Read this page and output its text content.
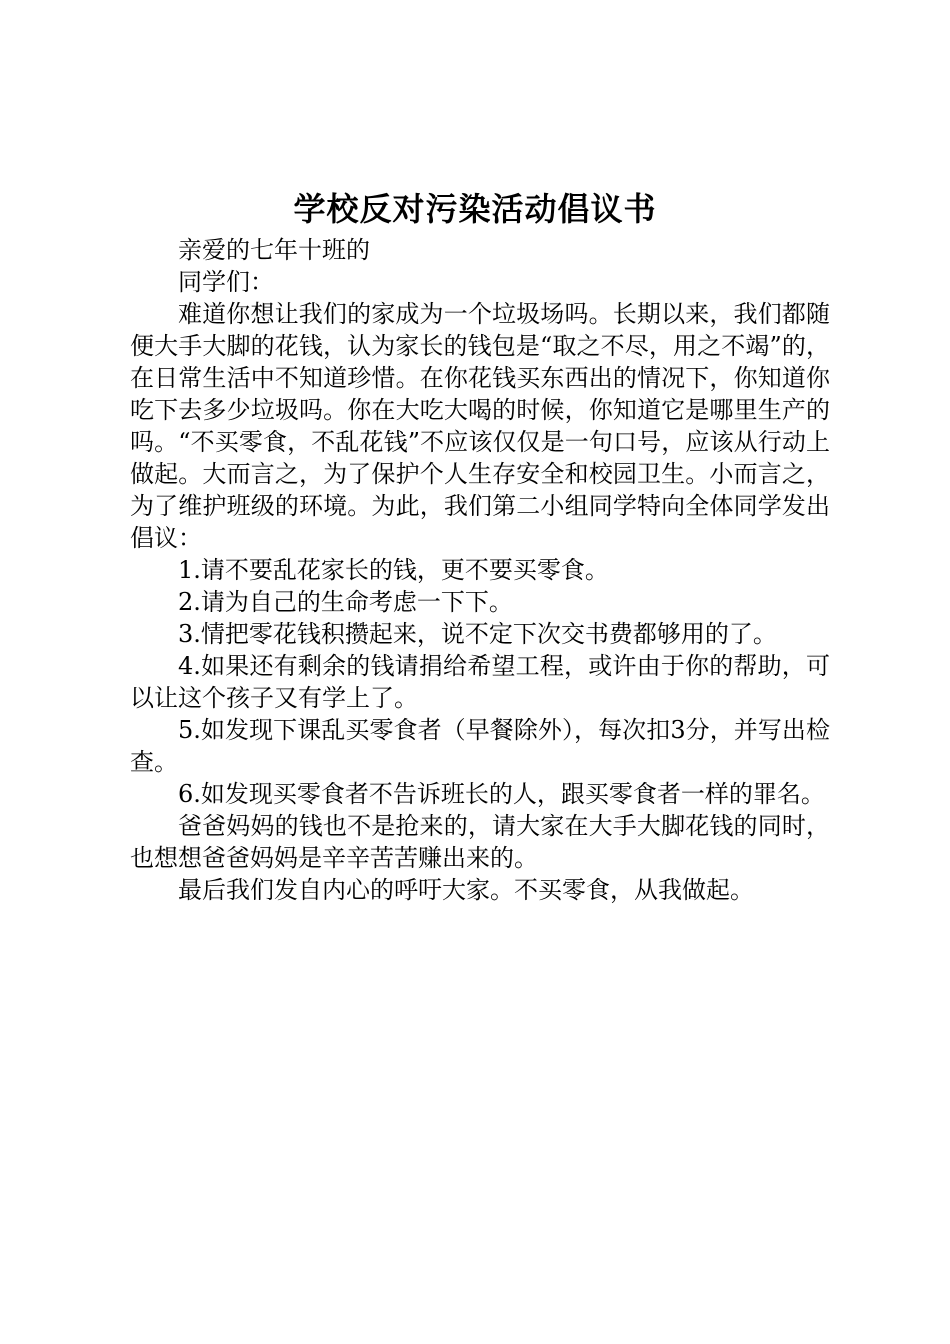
学校反对污染活动倡议书

亲爱的七年十班的

同学们：

难道你想让我们的家成为一个垃圾场吗。长期以来，我们都随便大手大脚的花钱，认为家长的钱包是“取之不尽，用之不竭”的，在日常生活中不知道珍惜。在你花钱买东西出的情况下，你知道你吃下去多少垃圾吗。你在大吃大喝的时候，你知道它是哪里生产的吗。“不买零食，不乱花钱”不应该仅仅是一句口号，应该从行动上做起。大而言之，为了保护个人生存安全和校园卫生。小而言之，为了维护班级的环境。为此，我们第二小组同学特向全体同学发出倡议：

1.请不要乱花家长的钱，更不要买零食。

2.请为自己的生命考虑一下下。

3.情把零花钱积攒起来，说不定下次交书费都够用的了。

4.如果还有剩余的钱请捐给希望工程，或许由于你的帮助，可以让这个孩子又有学上了。

5.如发现下课乱买零食者（早餐除外），每次扣3分，并写出检查。

6.如发现买零食者不告诉班长的人，跟买零食者一样的罪名。

爸爸妈妈的钱也不是抢来的，请大家在大手大脚花钱的同时，也想想爸爸妈妈是辛辛苦苦赚出来的。

最后我们发自内心的呼吁大家。不买零食，从我做起。
